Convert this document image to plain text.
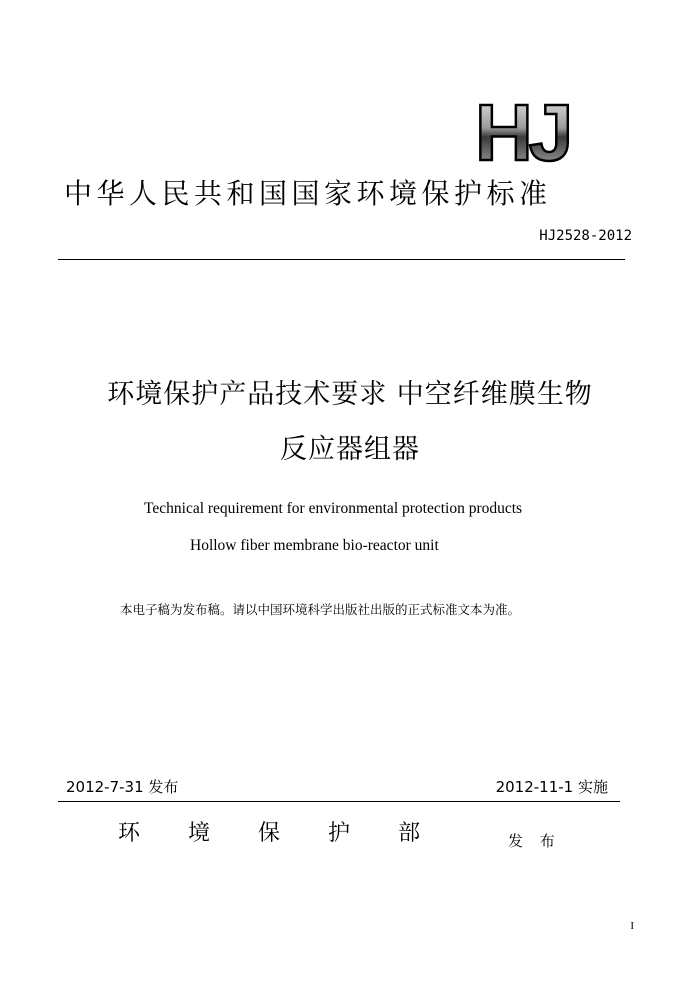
HJ
中华人民共和国国家环境保护标准
HJ2528-2012
环境保护产品技术要求 中空纤维膜生物
反应器组器
Technical requirement for environmental protection products
Hollow fiber membrane bio-reactor unit
本电子稿为发布稿。请以中国环境科学出版社出版的正式标准文本为准。
2012-7-31 发布	2012-11-1 实施
环 境 保 护 部	发 布
I
